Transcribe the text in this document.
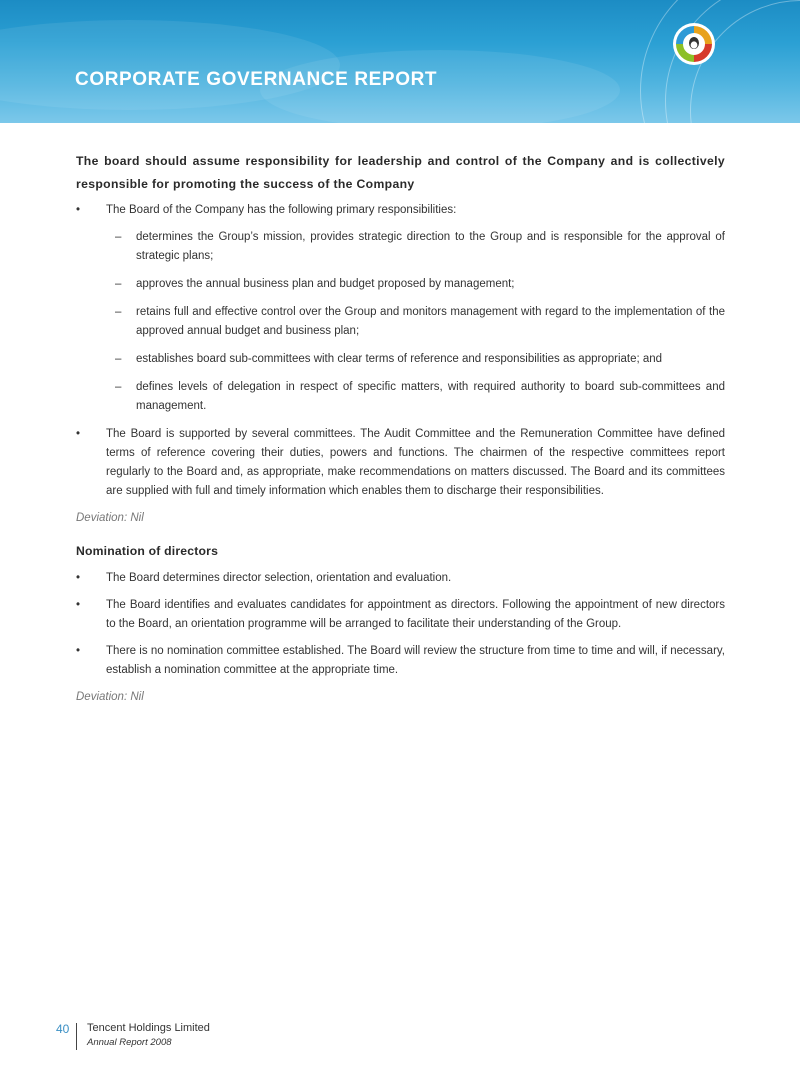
CORPORATE GOVERNANCE REPORT

The board should assume responsibility for leadership and control of the Company and is collectively responsible for promoting the success of the Company

• The Board of the Company has the following primary responsibilities:

– determines the Group’s mission, provides strategic direction to the Group and is responsible for the approval of strategic plans;

– approves the annual business plan and budget proposed by management;

– retains full and effective control over the Group and monitors management with regard to the implementation of the approved annual budget and business plan;

– establishes board sub-committees with clear terms of reference and responsibilities as appropriate; and

– defines levels of delegation in respect of specific matters, with required authority to board sub-committees and management.

• The Board is supported by several committees. The Audit Committee and the Remuneration Committee have defined terms of reference covering their duties, powers and functions. The chairmen of the respective committees report regularly to the Board and, as appropriate, make recommendations on matters discussed. The Board and its committees are supplied with full and timely information which enables them to discharge their responsibilities.

Deviation: Nil

Nomination of directors

• The Board determines director selection, orientation and evaluation.

• The Board identifies and evaluates candidates for appointment as directors. Following the appointment of new directors to the Board, an orientation programme will be arranged to facilitate their understanding of the Group.

• There is no nomination committee established. The Board will review the structure from time to time and will, if necessary, establish a nomination committee at the appropriate time.

Deviation: Nil

40 Tencent Holdings Limited
Annual Report 2008
